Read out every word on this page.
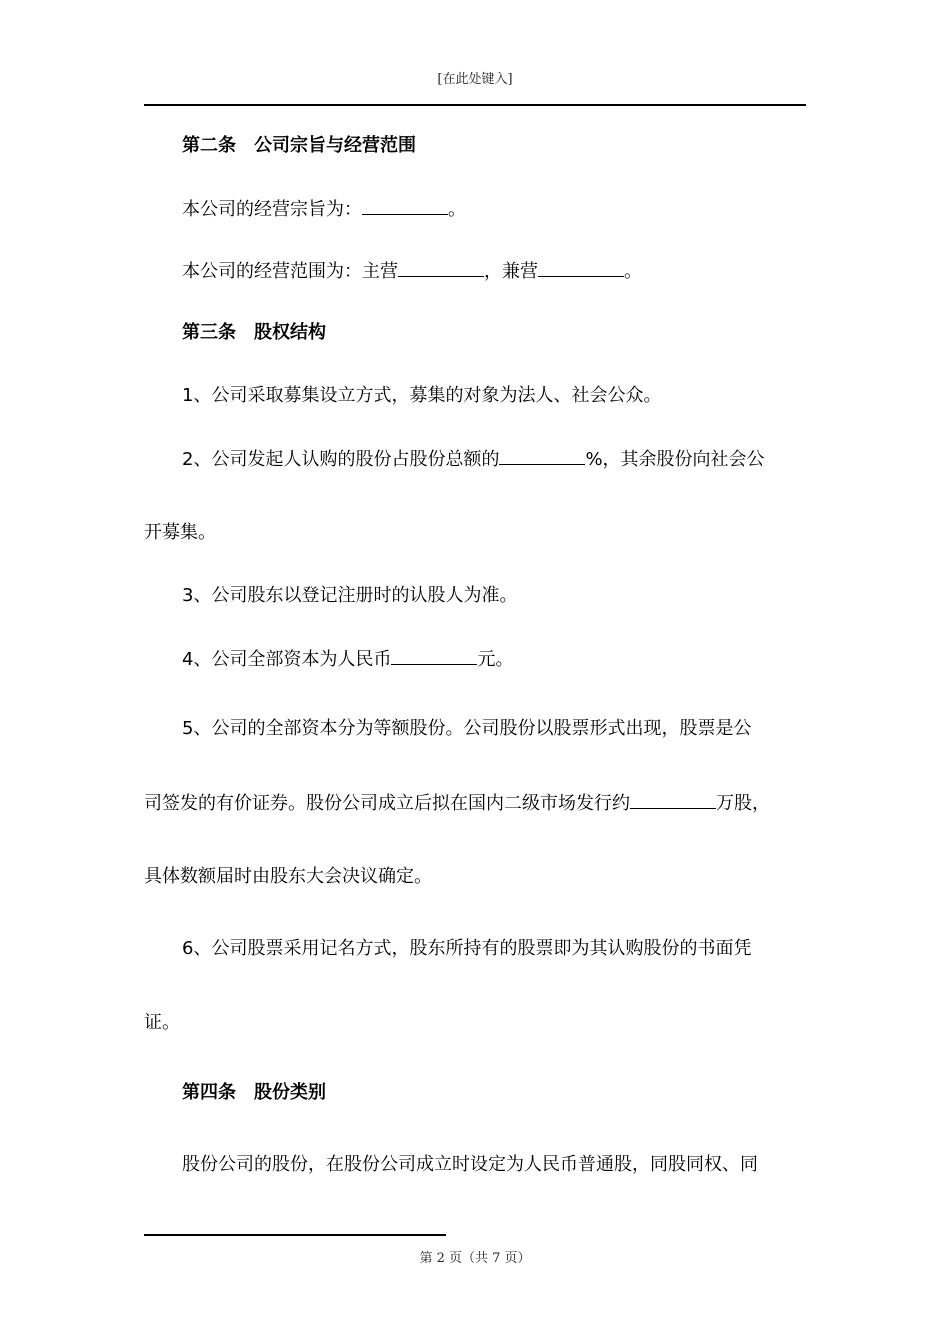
[在此处键入]
第二条　公司宗旨与经营范围
本公司的经营宗旨为：	。
本公司的经营范围为：主营	，兼营	。
第三条　股权结构
1、公司采取募集设立方式，募集的对象为法人、社会公众。
2、公司发起人认购的股份占股份总额的	%，其余股份向社会公
开募集。
3、公司股东以登记注册时的认股人为准。
4、公司全部资本为人民币	元。
5、公司的全部资本分为等额股份。公司股份以股票形式出现，股票是公
司签发的有价证券。股份公司成立后拟在国内二级市场发行约	万股，
具体数额届时由股东大会决议确定。
6、公司股票采用记名方式，股东所持有的股票即为其认购股份的书面凭
证。
第四条　股份类别
股份公司的股份，在股份公司成立时设定为人民币普通股，同股同权、同
第 2 页（共 7 页）
